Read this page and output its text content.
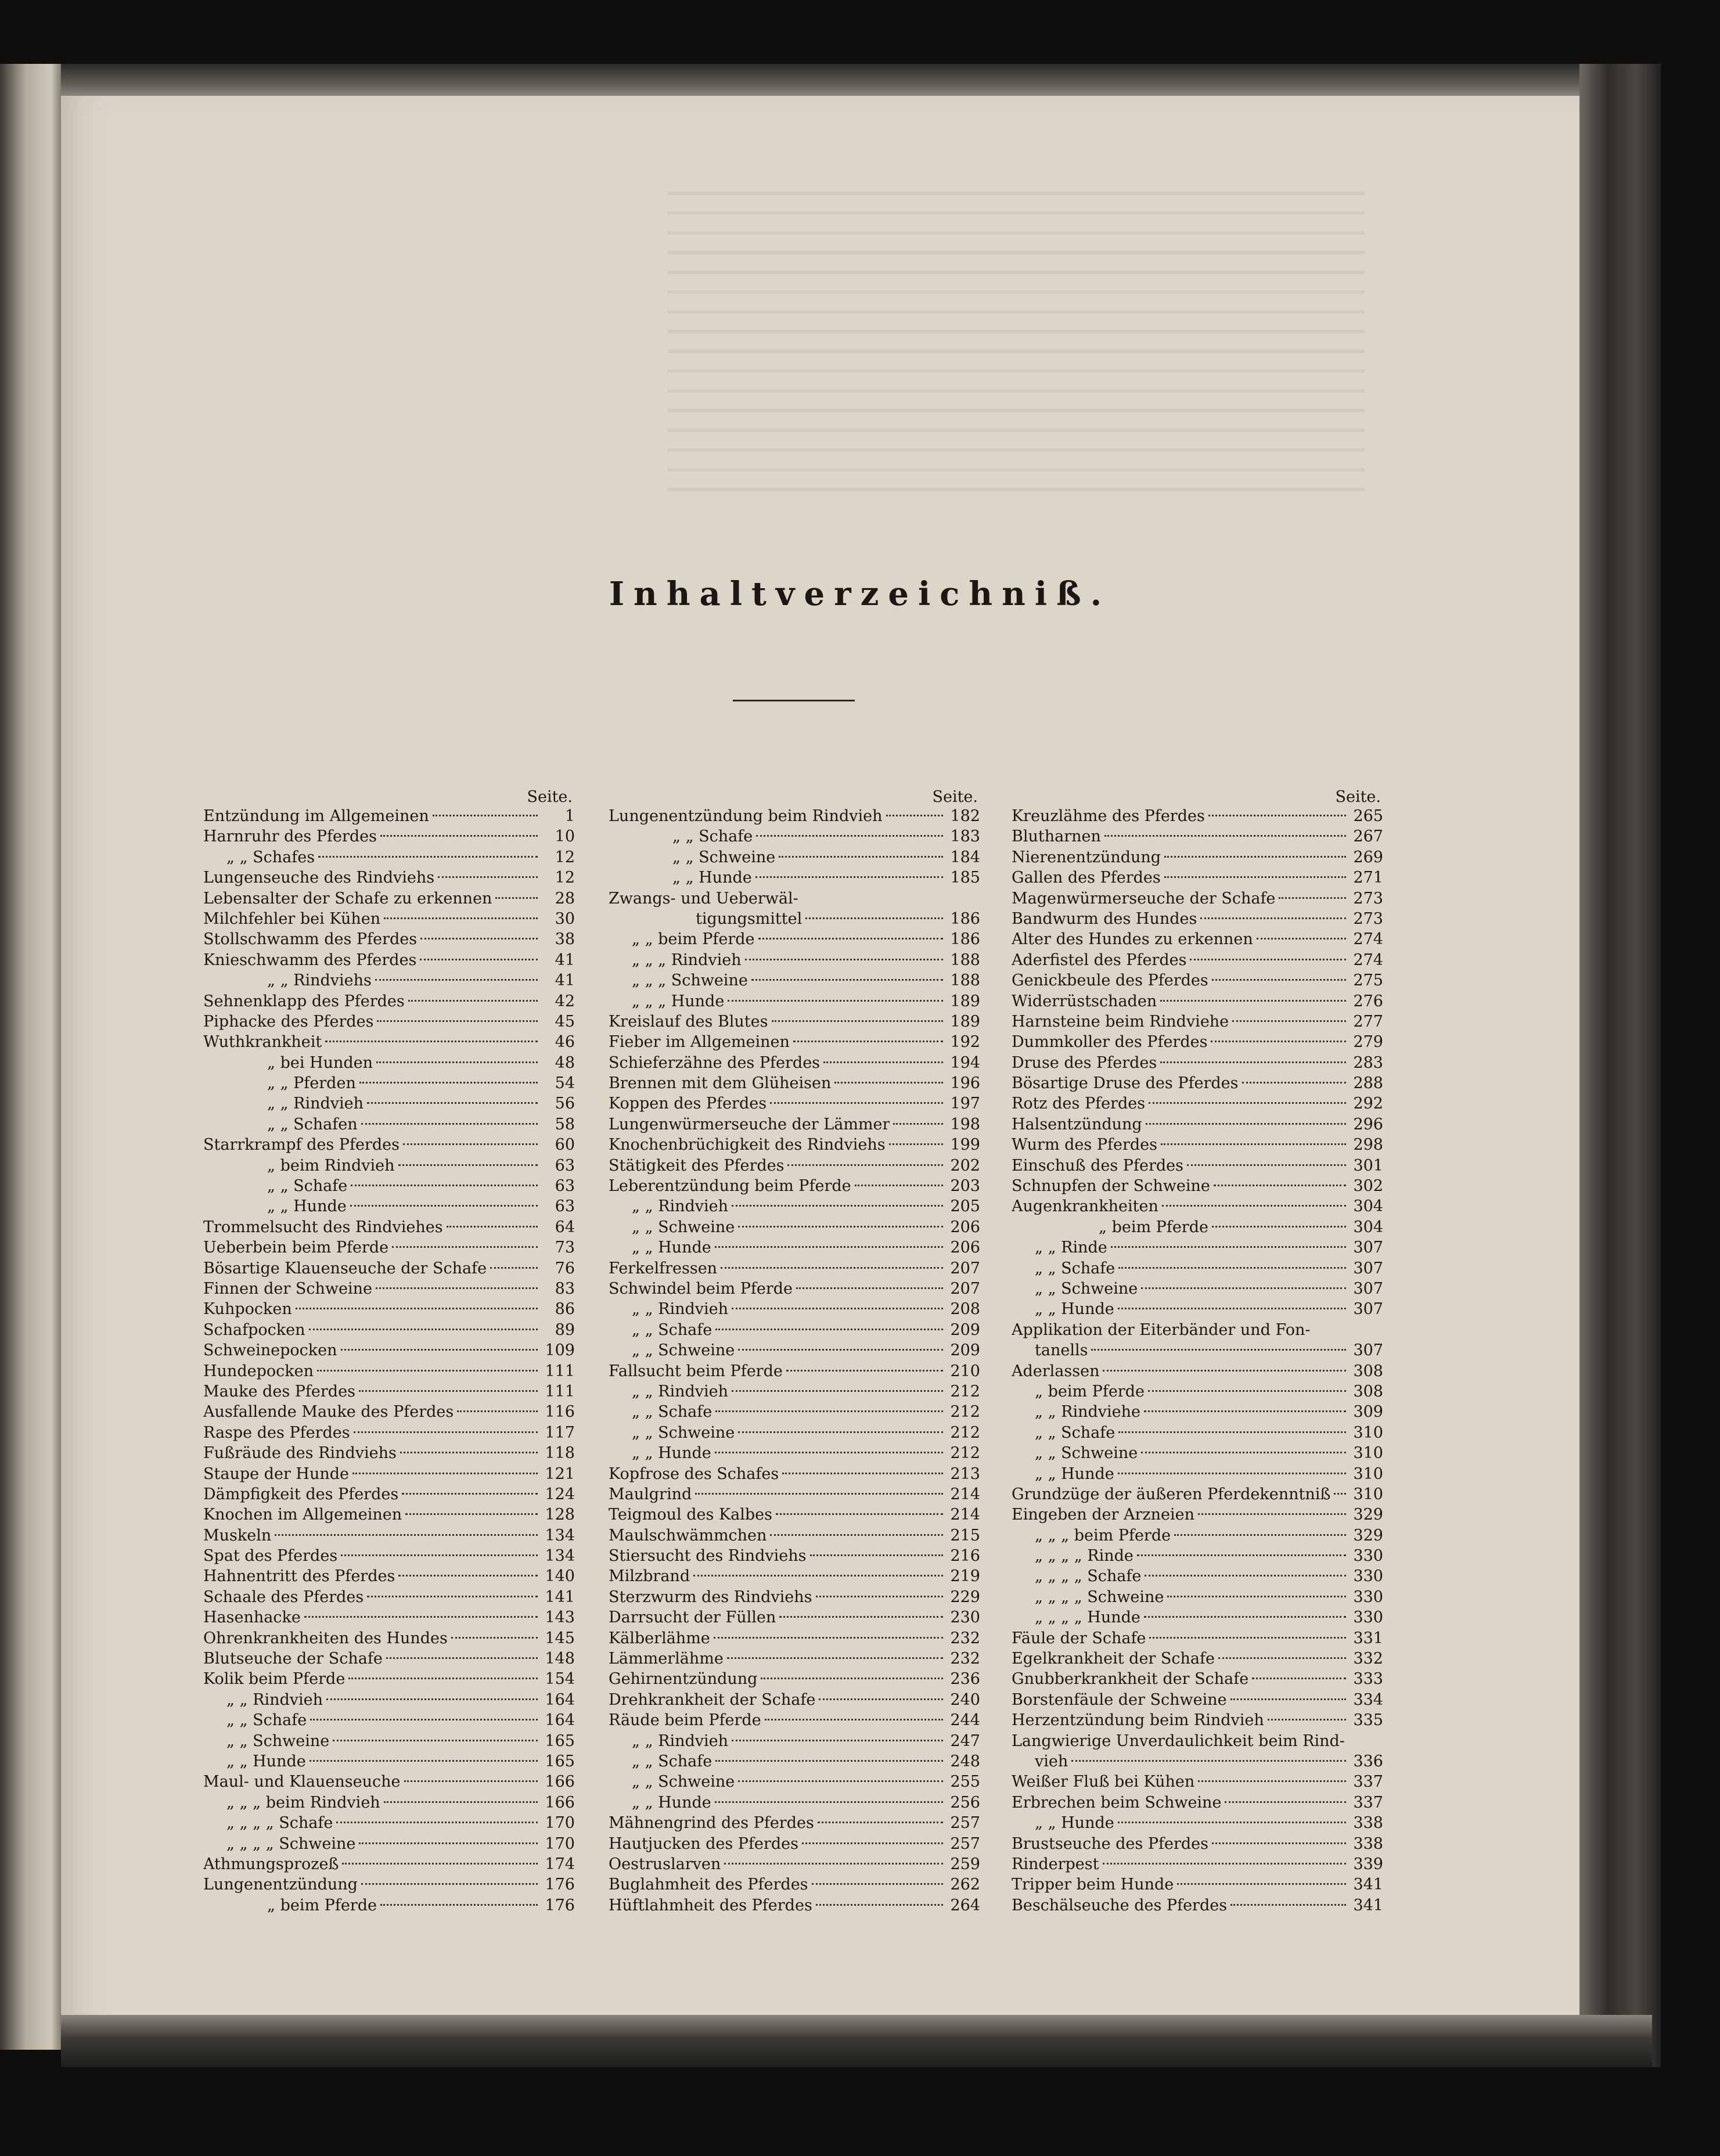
Inhaltverzeichniß.
Seite.
Entzündung im Allgemeinen	1
Harnruhr des Pferdes	10
„ „ Schafes	12
Lungenseuche des Rindviehs	12
Lebensalter der Schafe zu erkennen	28
Milchfehler bei Kühen	30
Stollschwamm des Pferdes	38
Knieschwamm des Pferdes	41
„ „ Rindviehs	41
Sehnenklapp des Pferdes	42
Piphacke des Pferdes	45
Wuthkrankheit	46
„ bei Hunden	48
„ „ Pferden	54
„ „ Rindvieh	56
„ „ Schafen	58
Starrkrampf des Pferdes	60
„ beim Rindvieh	63
„ „ Schafe	63
„ „ Hunde	63
Trommelsucht des Rindviehes	64
Ueberbein beim Pferde	73
Bösartige Klauenseuche der Schafe	76
Finnen der Schweine	83
Kuhpocken	86
Schafpocken	89
Schweinepocken	109
Hundepocken	111
Mauke des Pferdes	111
Ausfallende Mauke des Pferdes	116
Raspe des Pferdes	117
Fußräude des Rindviehs	118
Staupe der Hunde	121
Dämpfigkeit des Pferdes	124
Knochen im Allgemeinen	128
Muskeln	134
Spat des Pferdes	134
Hahnentritt des Pferdes	140
Schaale des Pferdes	141
Hasenhacke	143
Ohrenkrankheiten des Hundes	145
Blutseuche der Schafe	148
Kolik beim Pferde	154
„ „ Rindvieh	164
„ „ Schafe	164
„ „ Schweine	165
„ „ Hunde	165
Maul- und Klauenseuche	166
„ „ „ beim Rindvieh	166
„ „ „ „ Schafe	170
„ „ „ „ Schweine	170
Athmungsprozeß	174
Lungenentzündung	176
„ beim Pferde	176
Seite.
Lungenentzündung beim Rindvieh	182
„ „ Schafe	183
„ „ Schweine	184
„ „ Hunde	185
Zwangs- und Ueberwäl-
tigungsmittel	186
„ „ beim Pferde	186
„ „ „ Rindvieh	188
„ „ „ Schweine	188
„ „ „ Hunde	189
Kreislauf des Blutes	189
Fieber im Allgemeinen	192
Schieferzähne des Pferdes	194
Brennen mit dem Glüheisen	196
Koppen des Pferdes	197
Lungenwürmerseuche der Lämmer	198
Knochenbrüchigkeit des Rindviehs	199
Stätigkeit des Pferdes	202
Leberentzündung beim Pferde	203
„ „ Rindvieh	205
„ „ Schweine	206
„ „ Hunde	206
Ferkelfressen	207
Schwindel beim Pferde	207
„ „ Rindvieh	208
„ „ Schafe	209
„ „ Schweine	209
Fallsucht beim Pferde	210
„ „ Rindvieh	212
„ „ Schafe	212
„ „ Schweine	212
„ „ Hunde	212
Kopfrose des Schafes	213
Maulgrind	214
Teigmoul des Kalbes	214
Maulschwämmchen	215
Stiersucht des Rindviehs	216
Milzbrand	219
Sterzwurm des Rindviehs	229
Darrsucht der Füllen	230
Kälberlähme	232
Lämmerlähme	232
Gehirnentzündung	236
Drehkrankheit der Schafe	240
Räude beim Pferde	244
„ „ Rindvieh	247
„ „ Schafe	248
„ „ Schweine	255
„ „ Hunde	256
Mähnengrind des Pferdes	257
Hautjucken des Pferdes	257
Oestruslarven	259
Buglahmheit des Pferdes	262
Hüftlahmheit des Pferdes	264
Seite.
Kreuzlähme des Pferdes	265
Blutharnen	267
Nierenentzündung	269
Gallen des Pferdes	271
Magenwürmerseuche der Schafe	273
Bandwurm des Hundes	273
Alter des Hundes zu erkennen	274
Aderfistel des Pferdes	274
Genickbeule des Pferdes	275
Widerrüstschaden	276
Harnsteine beim Rindviehe	277
Dummkoller des Pferdes	279
Druse des Pferdes	283
Bösartige Druse des Pferdes	288
Rotz des Pferdes	292
Halsentzündung	296
Wurm des Pferdes	298
Einschuß des Pferdes	301
Schnupfen der Schweine	302
Augenkrankheiten	304
„ beim Pferde	304
„ „ Rinde	307
„ „ Schafe	307
„ „ Schweine	307
„ „ Hunde	307
Applikation der Eiterbänder und Fon-
tanells	307
Aderlassen	308
„ beim Pferde	308
„ „ Rindviehe	309
„ „ Schafe	310
„ „ Schweine	310
„ „ Hunde	310
Grundzüge der äußeren Pferdekenntniß 310
Eingeben der Arzneien	329
„ „ „ beim Pferde	329
„ „ „ „ Rinde	330
„ „ „ „ Schafe	330
„ „ „ „ Schweine	330
„ „ „ „ Hunde	330
Fäule der Schafe	331
Egelkrankheit der Schafe	332
Gnubberkrankheit der Schafe	333
Borstenfäule der Schweine	334
Herzentzündung beim Rindvieh	335
Langwierige Unverdaulichkeit beim Rind-
vieh	336
Weißer Fluß bei Kühen	337
Erbrechen beim Schweine	337
„ „ Hunde	338
Brustseuche des Pferdes	338
Rinderpest	339
Tripper beim Hunde	341
Beschälseuche des Pferdes	341
